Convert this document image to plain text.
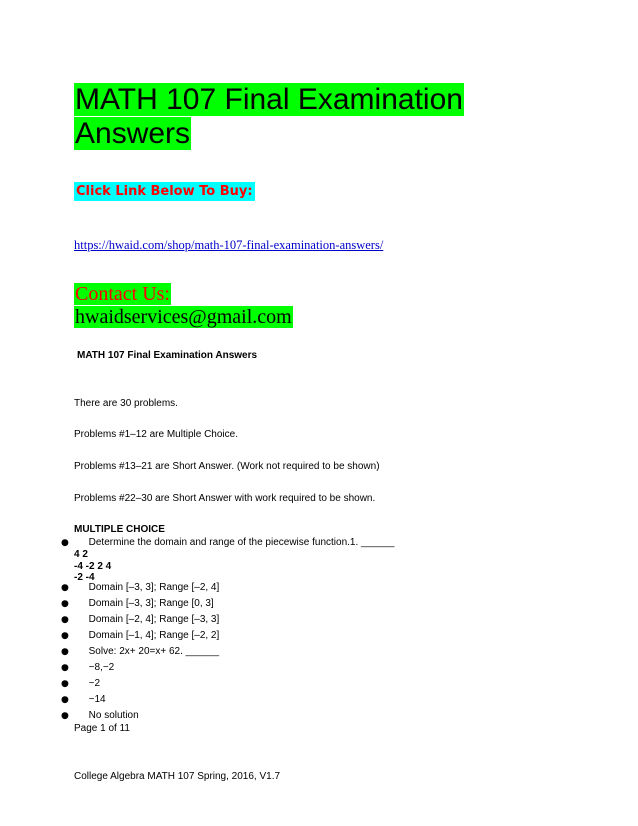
MATH 107 Final Examination
Answers
Click Link Below To Buy:
https://hwaid.com/shop/math-107-final-examination-answers/
Contact Us:
hwaidservices@gmail.com
MATH 107 Final Examination Answers
There are 30 problems.
Problems #1–12 are Multiple Choice.
Problems #13–21 are Short Answer. (Work not required to be shown)
Problems #22–30 are Short Answer with work required to be shown.
MULTIPLE CHOICE
● Determine the domain and range of the piecewise function.1. ______
4 2
-4 -2 2 4
-2 -4
● Domain [–3, 3]; Range [–2, 4]
● Domain [–3, 3]; Range [0, 3]
● Domain [–2, 4]; Range [–3, 3]
● Domain [–1, 4]; Range [–2, 2]
● Solve: 2x+ 20=x+ 62. ______
● −8,−2
● −2
● −14
● No solution
Page 1 of 11
College Algebra MATH 107 Spring, 2016, V1.7
